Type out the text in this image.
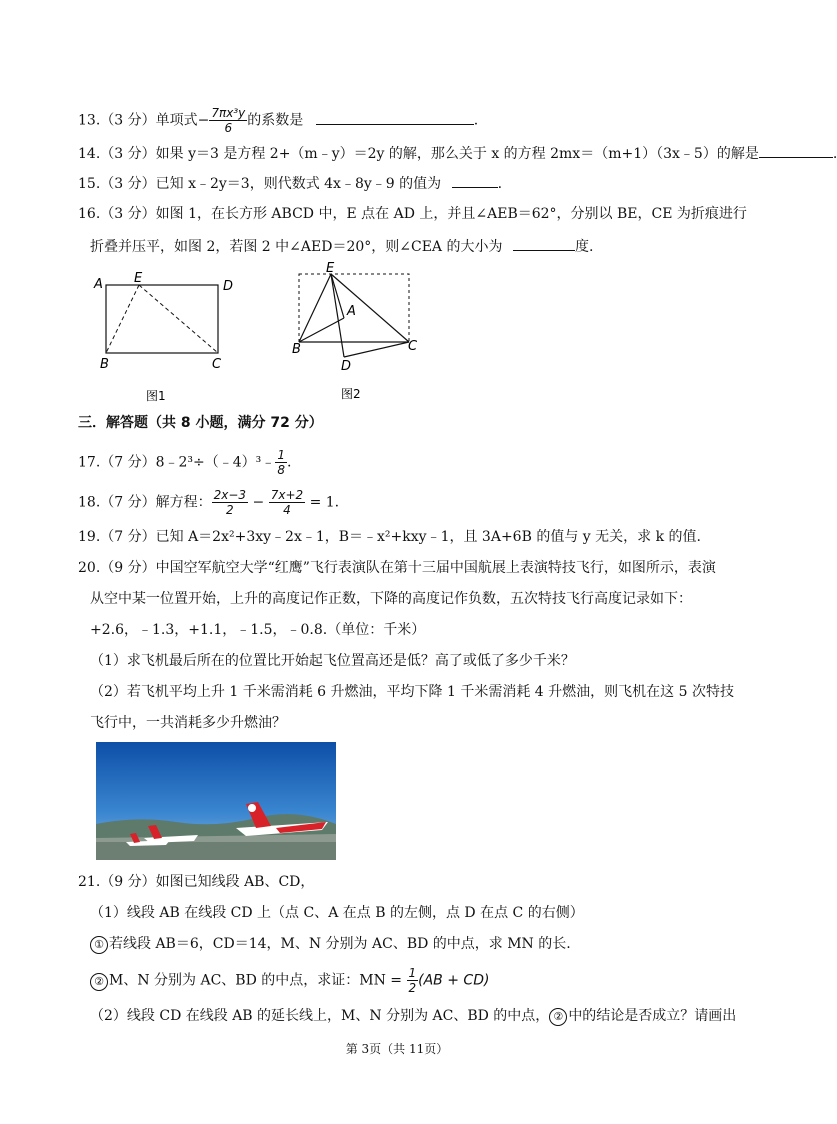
13.（3 分）单项式− $\frac{\text{7πx³y}}{6}$ 的系数是	.
14.（3 分）如果 y＝3 是方程 2+（m﹣y）＝2y 的解，那么关于 x 的方程 2mx＝（m+1）（3x﹣5）的解是	.
15.（3 分）已知 x﹣2y＝3，则代数式 4x﹣8y﹣9 的值为	.
16.（3 分）如图 1，在长方形 ABCD 中，E 点在 AD 上，并且∠AEB＝62°，分别以 BE，CE 为折痕进行
折叠并压平，如图 2，若图 2 中∠AED＝20°，则∠CEA 的大小为	度.
A E
D
B	C
图1
E
A
B	C
D
图2
三．解答题（共 8 小题，满分 72 分）
17.（7 分）8﹣2³÷（﹣4）³﹣ $\frac{1}{8}$ .
18.（7 分）解方程： $\frac{2x-3}{2} - \frac{7x+2}{4} = 1$.
19.（7 分）已知 A＝2x²+3xy﹣2x﹣1，B＝﹣x²+kxy﹣1，且 3A+6B 的值与 y 无关，求 k 的值.
20.（9 分）中国空军航空大学“红鹰”飞行表演队在第十三届中国航展上表演特技飞行，如图所示，表演
从空中某一位置开始，上升的高度记作正数，下降的高度记作负数，五次特技飞行高度记录如下：
+2.6，﹣1.3，+1.1，﹣1.5，﹣0.8.（单位：千米）
（1）求飞机最后所在的位置比开始起飞位置高还是低？高了或低了多少千米？
（2）若飞机平均上升 1 千米需消耗 6 升燃油，平均下降 1 千米需消耗 4 升燃油，则飞机在这 5 次特技
飞行中，一共消耗多少升燃油？
21.（9 分）如图已知线段 AB、CD，
（1）线段 AB 在线段 CD 上（点 C、A 在点 B 的左侧，点 D 在点 C 的右侧）
① 若线段 AB＝6，CD＝14，M、N 分别为 AC、BD 的中点，求 MN 的长.
② M、N 分别为 AC、BD 的中点，求证：MN = $\frac{1}{2} (AB + CD)$
（2）线段 CD 在线段 AB 的延长线上，M、N 分别为 AC、BD 的中点， ② 中的结论是否成立？请画出
第 3页（共 11页）
